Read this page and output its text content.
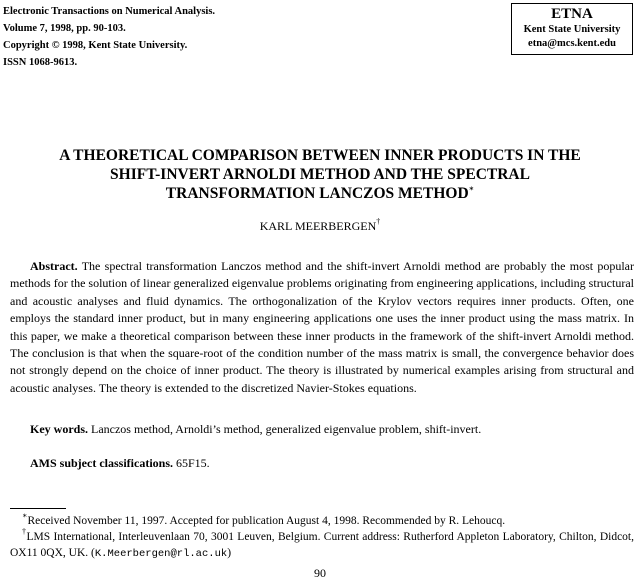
Electronic Transactions on Numerical Analysis.
Volume 7, 1998, pp. 90-103.
Copyright © 1998, Kent State University.
ISSN 1068-9613.
ETNA
Kent State University
etna@mcs.kent.edu
A THEORETICAL COMPARISON BETWEEN INNER PRODUCTS IN THE
SHIFT-INVERT ARNOLDI METHOD AND THE SPECTRAL
TRANSFORMATION LANCZOS METHOD∗
KARL MEERBERGEN†
Abstract. The spectral transformation Lanczos method and the shift-invert Arnoldi method are probably the most popular methods for the solution of linear generalized eigenvalue problems originating from engineering applications, including structural and acoustic analyses and fluid dynamics. The orthogonalization of the Krylov vectors requires inner products. Often, one employs the standard inner product, but in many engineering applications one uses the inner product using the mass matrix. In this paper, we make a theoretical comparison between these inner products in the framework of the shift-invert Arnoldi method. The conclusion is that when the square-root of the condition number of the mass matrix is small, the convergence behavior does not strongly depend on the choice of inner product. The theory is illustrated by numerical examples arising from structural and acoustic analyses. The theory is extended to the discretized Navier-Stokes equations.
Key words. Lanczos method, Arnoldi’s method, generalized eigenvalue problem, shift-invert.
AMS subject classifications. 65F15.
∗Received November 11, 1997. Accepted for publication August 4, 1998. Recommended by R. Lehoucq.
†LMS International, Interleuvenlaan 70, 3001 Leuven, Belgium. Current address: Rutherford Appleton Laboratory, Chilton, Didcot, OX11 0QX, UK. (K.Meerbergen@rl.ac.uk)
90
